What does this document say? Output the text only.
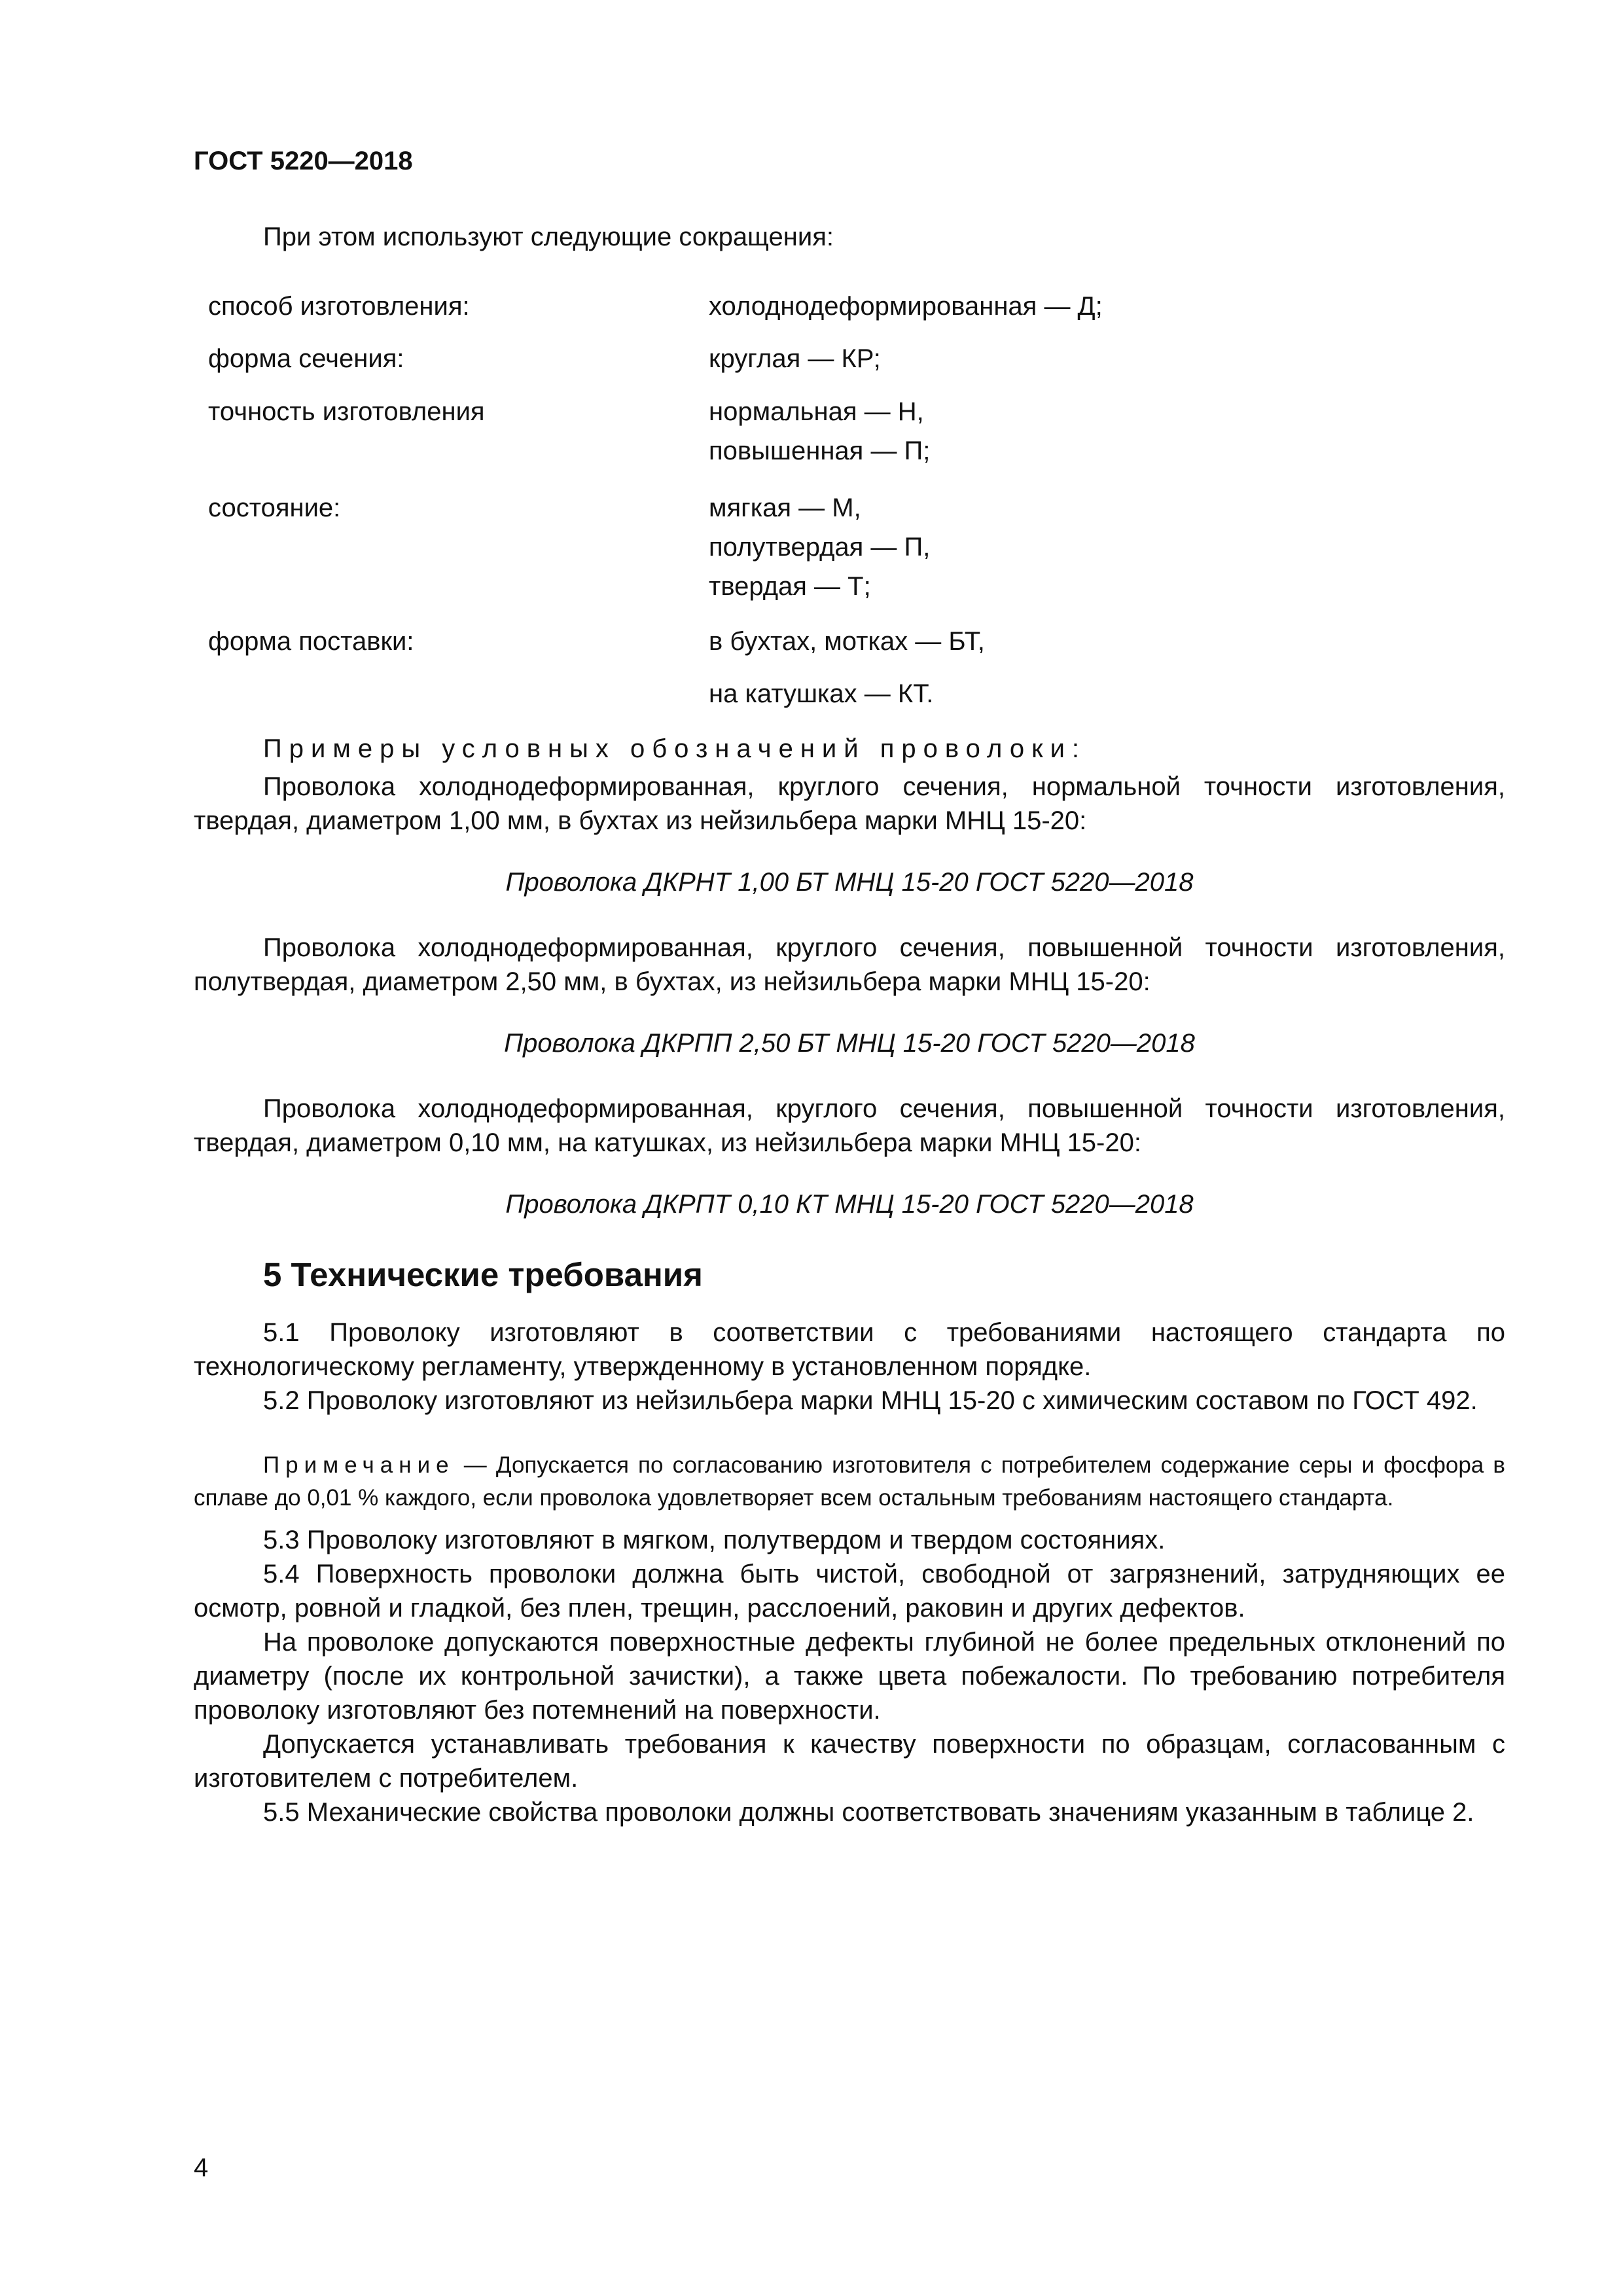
ГОСТ 5220—2018
При этом используют следующие сокращения:
способ изготовления:	холоднодеформированная — Д;
форма сечения:	круглая — КР;
точность изготовления	нормальная — Н,
повышенная — П;
состояние:	мягкая — М,
полутвердая — П,
твердая — Т;
форма поставки:	в бухтах, мотках — БТ,
на катушках — КТ.
Примеры условных обозначений проволоки:

Проволока холоднодеформированная, круглого сечения, нормальной точности изготовления, твердая, диаметром 1,00 мм, в бухтах из нейзильбера марки МНЦ 15-20:

Проволока ДКРНТ 1,00 БТ МНЦ 15-20 ГОСТ 5220—2018

Проволока холоднодеформированная, круглого сечения, повышенной точности изготовления, полутвердая, диаметром 2,50 мм, в бухтах, из нейзильбера марки МНЦ 15-20:

Проволока ДКРПП 2,50 БТ МНЦ 15-20 ГОСТ 5220—2018

Проволока холоднодеформированная, круглого сечения, повышенной точности изготовления, твердая, диаметром 0,10 мм, на катушках, из нейзильбера марки МНЦ 15-20:

Проволока ДКРПТ 0,10 КТ МНЦ 15-20 ГОСТ 5220—2018
5 Технические требования

5.1 Проволоку изготовляют в соответствии с требованиями настоящего стандарта по технологическому регламенту, утвержденному в установленном порядке.

5.2 Проволоку изготовляют из нейзильбера марки МНЦ 15-20 с химическим составом по ГОСТ 492.

Примечание — Допускается по согласованию изготовителя с потребителем содержание серы и фосфора в сплаве до 0,01 % каждого, если проволока удовлетворяет всем остальным требованиям настоящего стандарта.

5.3 Проволоку изготовляют в мягком, полутвердом и твердом состояниях.

5.4 Поверхность проволоки должна быть чистой, свободной от загрязнений, затрудняющих ее осмотр, ровной и гладкой, без плен, трещин, расслоений, раковин и других дефектов.

На проволоке допускаются поверхностные дефекты глубиной не более предельных отклонений по диаметру (после их контрольной зачистки), а также цвета побежалости. По требованию потребителя проволоку изготовляют без потемнений на поверхности.

Допускается устанавливать требования к качеству поверхности по образцам, согласованным с изготовителем с потребителем.

5.5 Механические свойства проволоки должны соответствовать значениям указанным в таблице 2.

4
